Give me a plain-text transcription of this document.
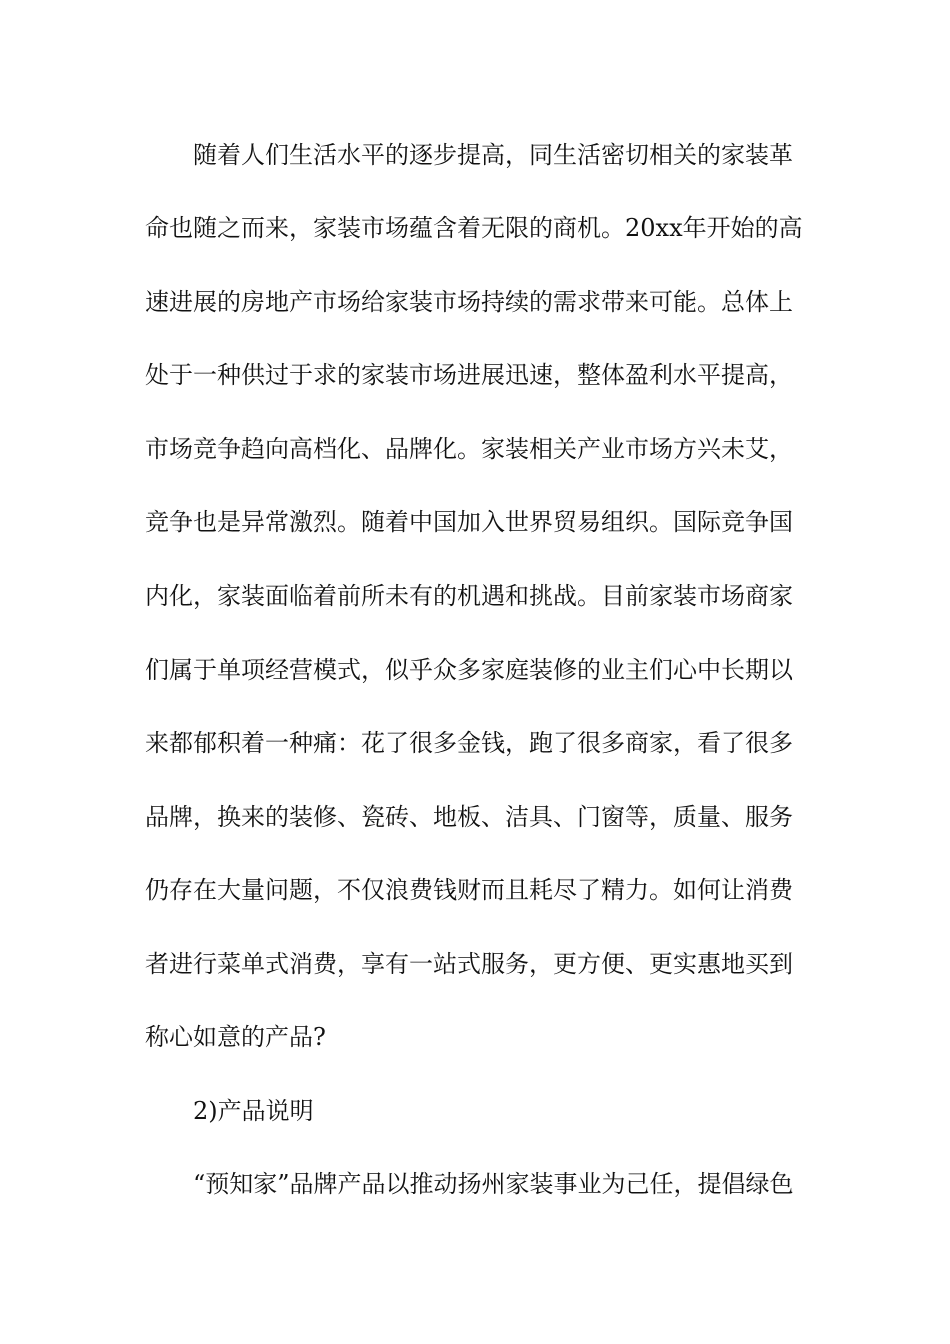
随着人们生活水平的逐步提高，同生活密切相关的家装革
命也随之而来，家装市场蕴含着无限的商机。20xx年开始的高
速进展的房地产市场给家装市场持续的需求带来可能。总体上
处于一种供过于求的家装市场进展迅速，整体盈利水平提高，
市场竞争趋向高档化、品牌化。家装相关产业市场方兴未艾，
竞争也是异常激烈。随着中国加入世界贸易组织。国际竞争国
内化，家装面临着前所未有的机遇和挑战。目前家装市场商家
们属于单项经营模式，似乎众多家庭装修的业主们心中长期以
来都郁积着一种痛：花了很多金钱，跑了很多商家，看了很多
品牌，换来的装修、瓷砖、地板、洁具、门窗等，质量、服务
仍存在大量问题，不仅浪费钱财而且耗尽了精力。如何让消费
者进行菜单式消费，享有一站式服务，更方便、更实惠地买到
称心如意的产品?
2)产品说明
“预知家”品牌产品以推动扬州家装事业为己任，提倡绿色
